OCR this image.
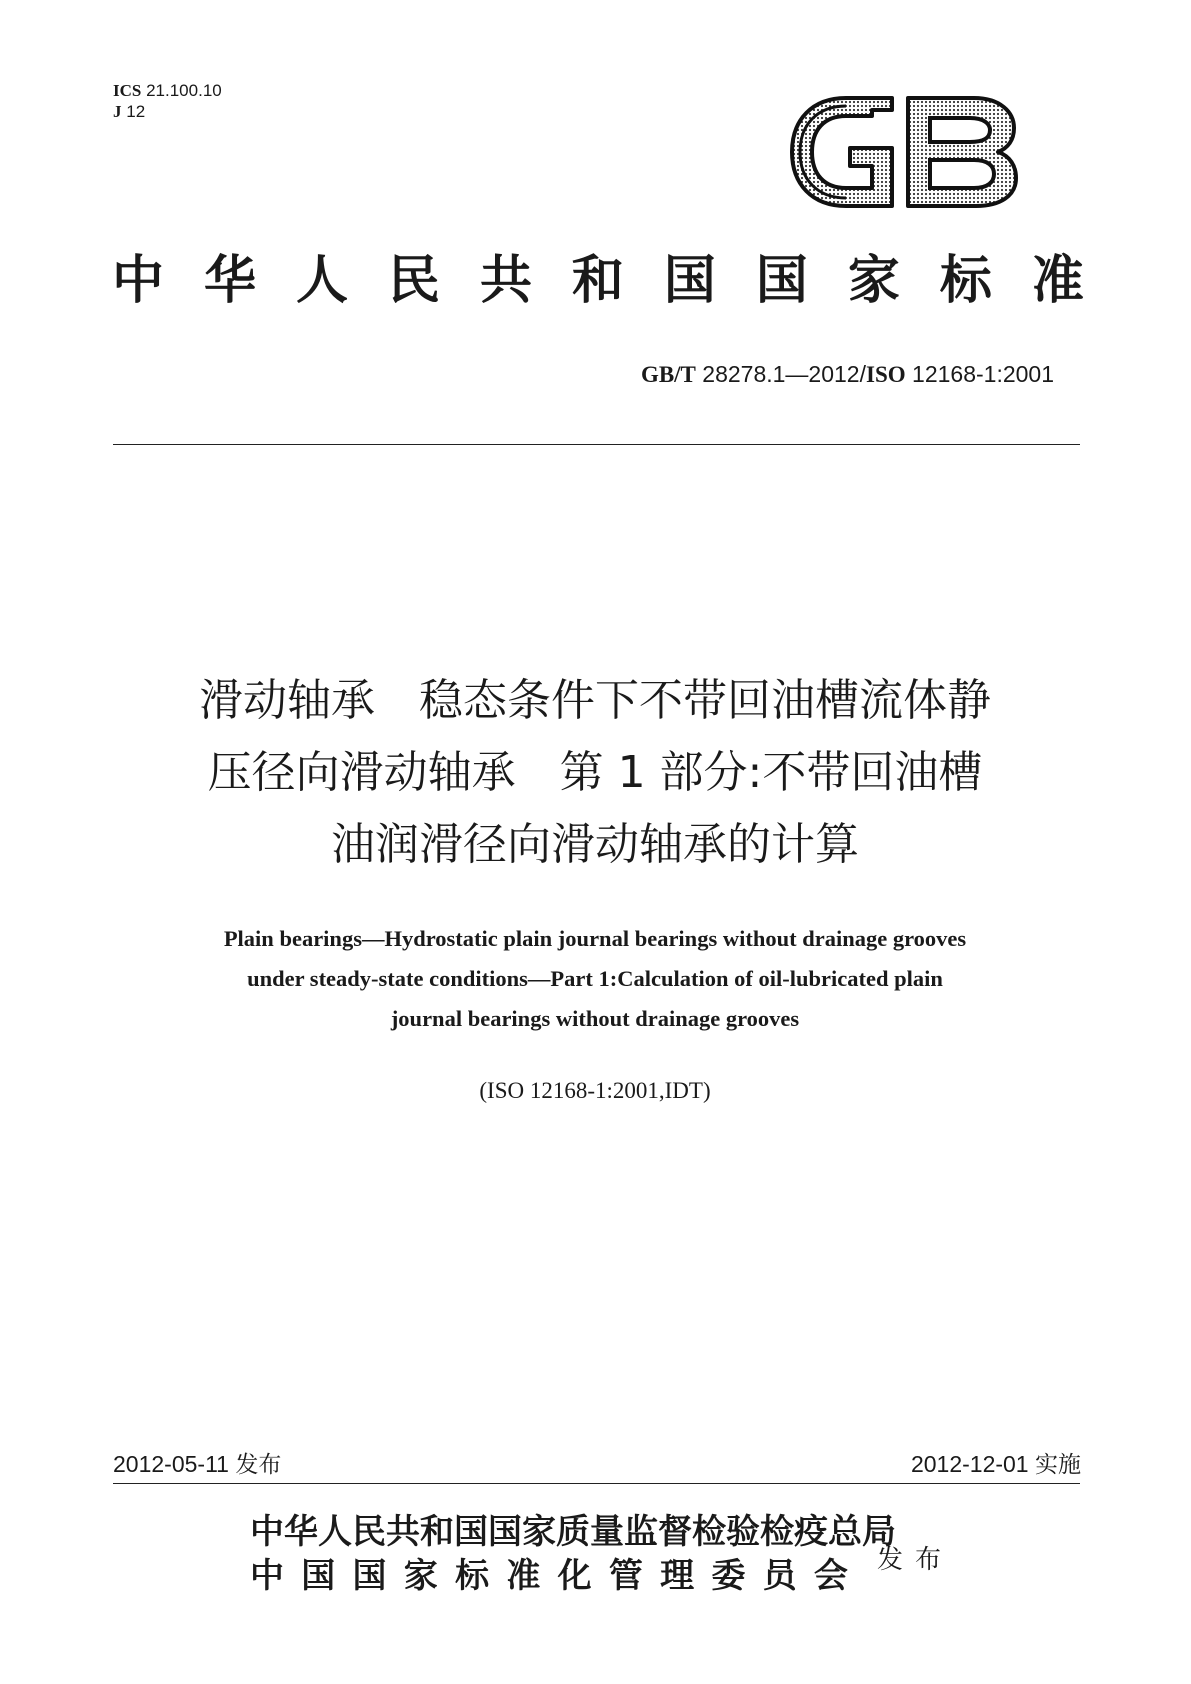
ICS 21.100.10
J 12
中 华 人 民 共 和 国 国 家 标 准
GB/T 28278.1—2012/ISO 12168-1:2001
滑动轴承　稳态条件下不带回油槽流体静
压径向滑动轴承　第 1 部分:不带回油槽
油润滑径向滑动轴承的计算
Plain bearings—Hydrostatic plain journal bearings without drainage grooves
under steady-state conditions—Part 1:Calculation of oil-lubricated plain
journal bearings without drainage grooves
(ISO 12168-1:2001,IDT)
2012-05-11 发布	2012-12-01 实施
中华人民共和国国家质量监督检验检疫总局
中 国 国 家 标 准 化 管 理 委 员 会 发布
